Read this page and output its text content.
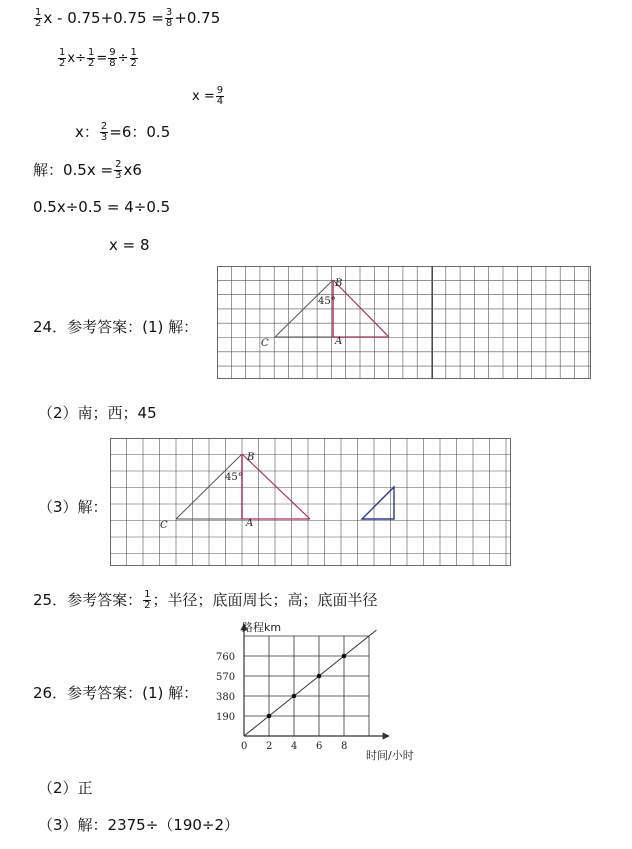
$\frac{1}{2}$ $x - 0.75+0.75 = \frac{3}{8} +0.75$
$\frac{1}{2} x\div \frac{1}{2} = \frac{9}{8} \div \frac{1}{2}$
$x = \frac{9}{4}$
x： $\frac{2}{3} =6$：0.5
解：$0.5x = \frac{2}{3} x6$
0.5x÷0.5 = 4÷0.5
x = 8
24．参考答案：(1) 解：
B
A
C
45°
（2）南；西；45
（3）解：
B
A
C
45°
25．参考答案： $\frac{1}{2}$ ；半径；底面周长；高；底面半径
26．参考答案：(1) 解：
0 2 4 6 8
190
380
570
760
路程km
时间/小时
（2）正
（3）解：2375÷（190÷2）
